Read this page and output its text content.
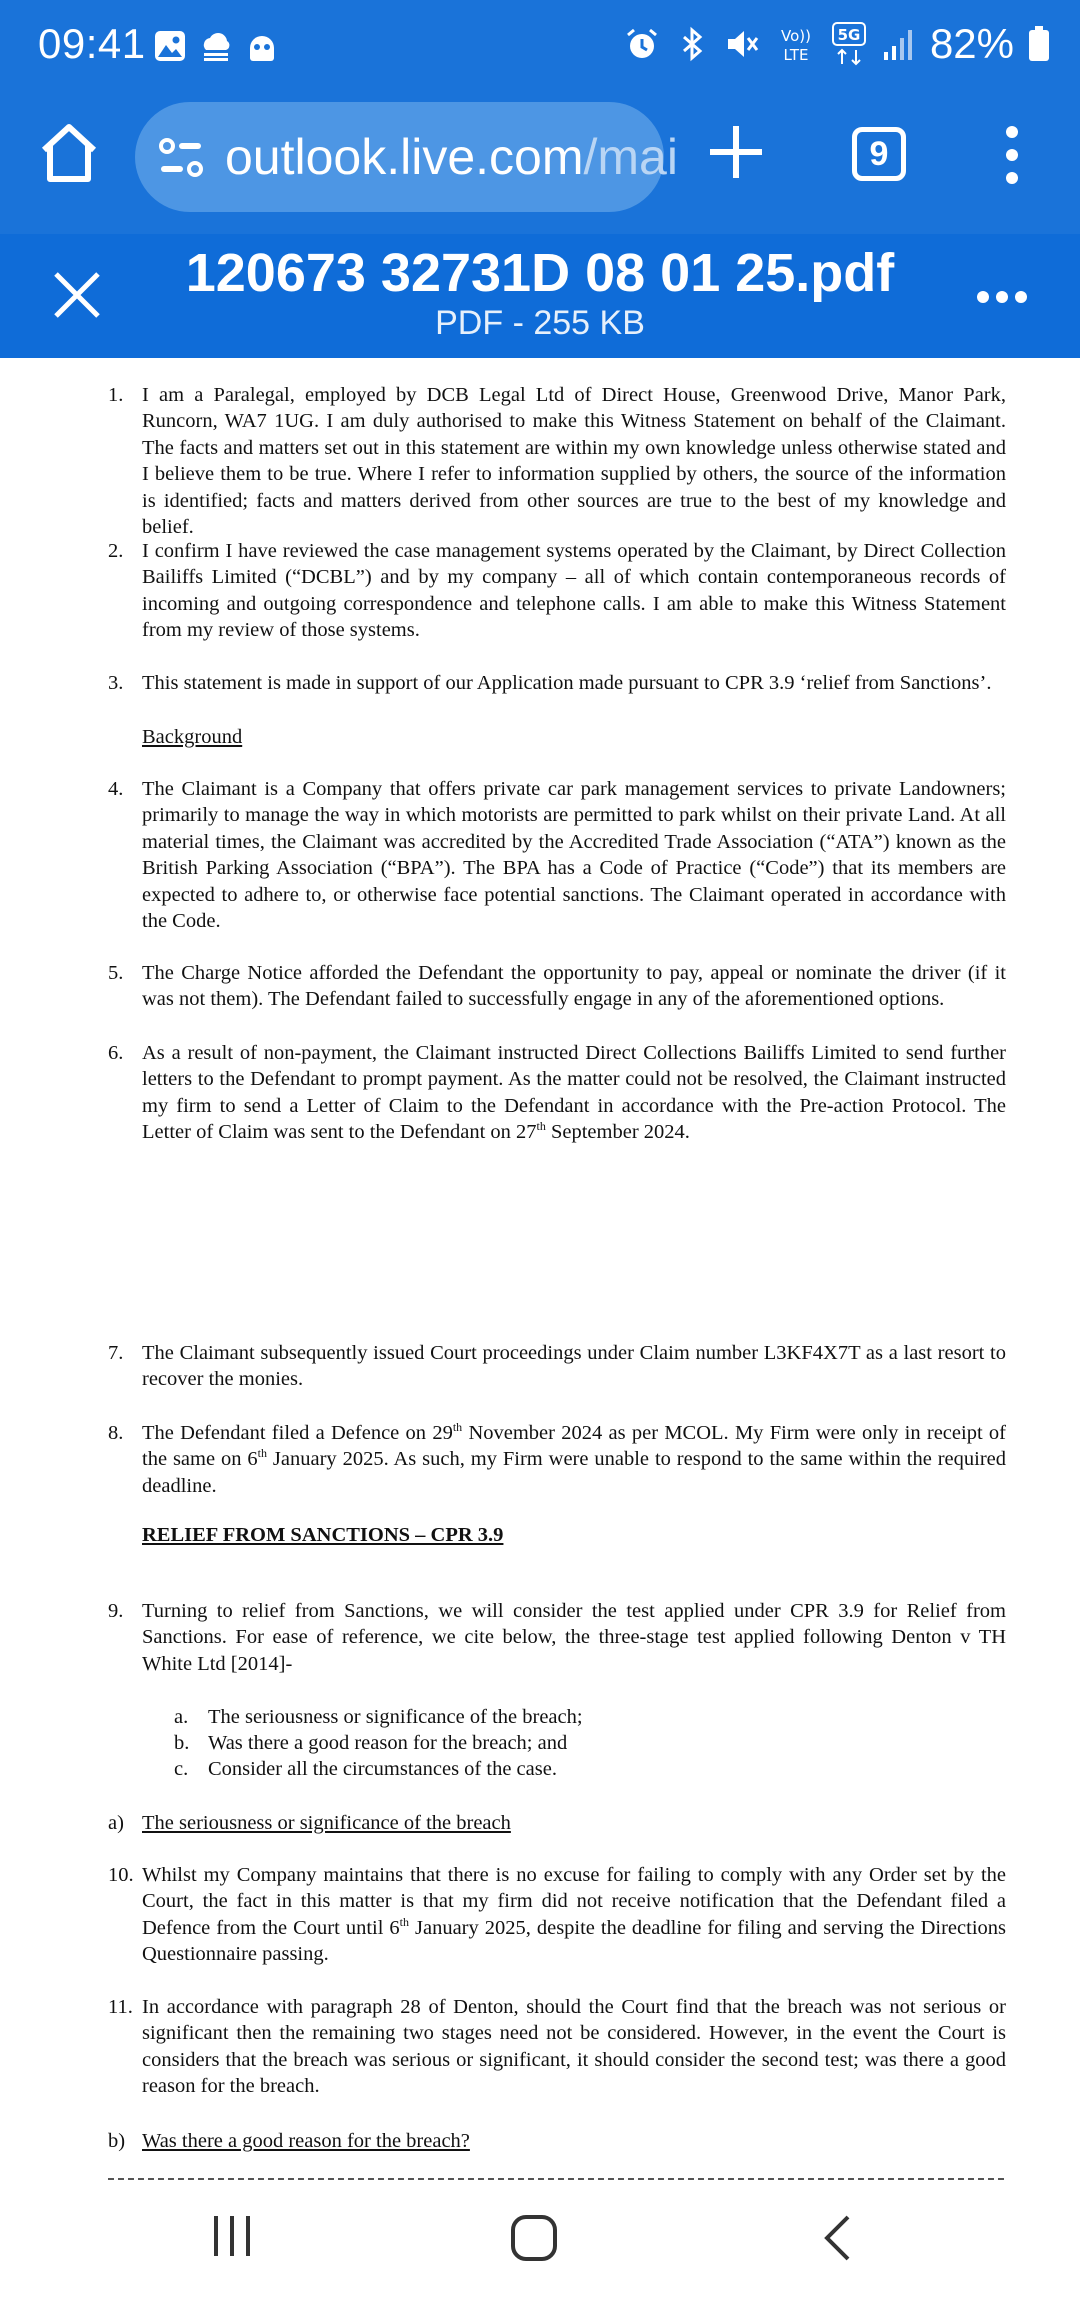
09:41	Vo))
LTE
5G 82%
outlook.live.com/mai	9
120673 32731D 08 01 25.pdf
PDF - 255 KB
1. I am a Paralegal, employed by DCB Legal Ltd of Direct House, Greenwood Drive, Manor Park, Runcorn, WA7 1UG. I am duly authorised to make this Witness Statement on behalf of the Claimant. The facts and matters set out in this statement are within my own knowledge unless otherwise stated and I believe them to be true. Where I refer to information supplied by others, the source of the information is identified; facts and matters derived from other sources are true to the best of my knowledge and belief.
2. I confirm I have reviewed the case management systems operated by the Claimant, by Direct Collection Bailiffs Limited (“DCBL”) and by my company – all of which contain contemporaneous records of incoming and outgoing correspondence and telephone calls. I am able to make this Witness Statement from my review of those systems.
3. This statement is made in support of our Application made pursuant to CPR 3.9 ‘relief from Sanctions’.
Background
4. The Claimant is a Company that offers private car park management services to private Landowners; primarily to manage the way in which motorists are permitted to park whilst on their private Land. At all material times, the Claimant was accredited by the Accredited Trade Association (“ATA”) known as the British Parking Association (“BPA”). The BPA has a Code of Practice (“Code”) that its members are expected to adhere to, or otherwise face potential sanctions. The Claimant operated in accordance with the Code.
5. The Charge Notice afforded the Defendant the opportunity to pay, appeal or nominate the driver (if it was not them). The Defendant failed to successfully engage in any of the aforementioned options.
6. As a result of non-payment, the Claimant instructed Direct Collections Bailiffs Limited to send further letters to the Defendant to prompt payment. As the matter could not be resolved, the Claimant instructed my firm to send a Letter of Claim to the Defendant in accordance with the Pre-action Protocol. The Letter of Claim was sent to the Defendant on 27th September 2024.
7. The Claimant subsequently issued Court proceedings under Claim number L3KF4X7T as a last resort to recover the monies.
8. The Defendant filed a Defence on 29th November 2024 as per MCOL. My Firm were only in receipt of the same on 6th January 2025. As such, my Firm were unable to respond to the same within the required deadline.
RELIEF FROM SANCTIONS – CPR 3.9
9. Turning to relief from Sanctions, we will consider the test applied under CPR 3.9 for Relief from Sanctions. For ease of reference, we cite below, the three-stage test applied following Denton v TH White Ltd [2014]-
a. The seriousness or significance of the breach;
b. Was there a good reason for the breach; and
c. Consider all the circumstances of the case.
a) The seriousness or significance of the breach
10. Whilst my Company maintains that there is no excuse for failing to comply with any Order set by the Court, the fact in this matter is that my firm did not receive notification that the Defendant filed a Defence from the Court until 6th January 2025, despite the deadline for filing and serving the Directions Questionnaire passing.
11. In accordance with paragraph 28 of Denton, should the Court find that the breach was not serious or significant then the remaining two stages need not be considered. However, in the event the Court is considers that the breach was serious or significant, it should consider the second test; was there a good reason for the breach.
b) Was there a good reason for the breach?
